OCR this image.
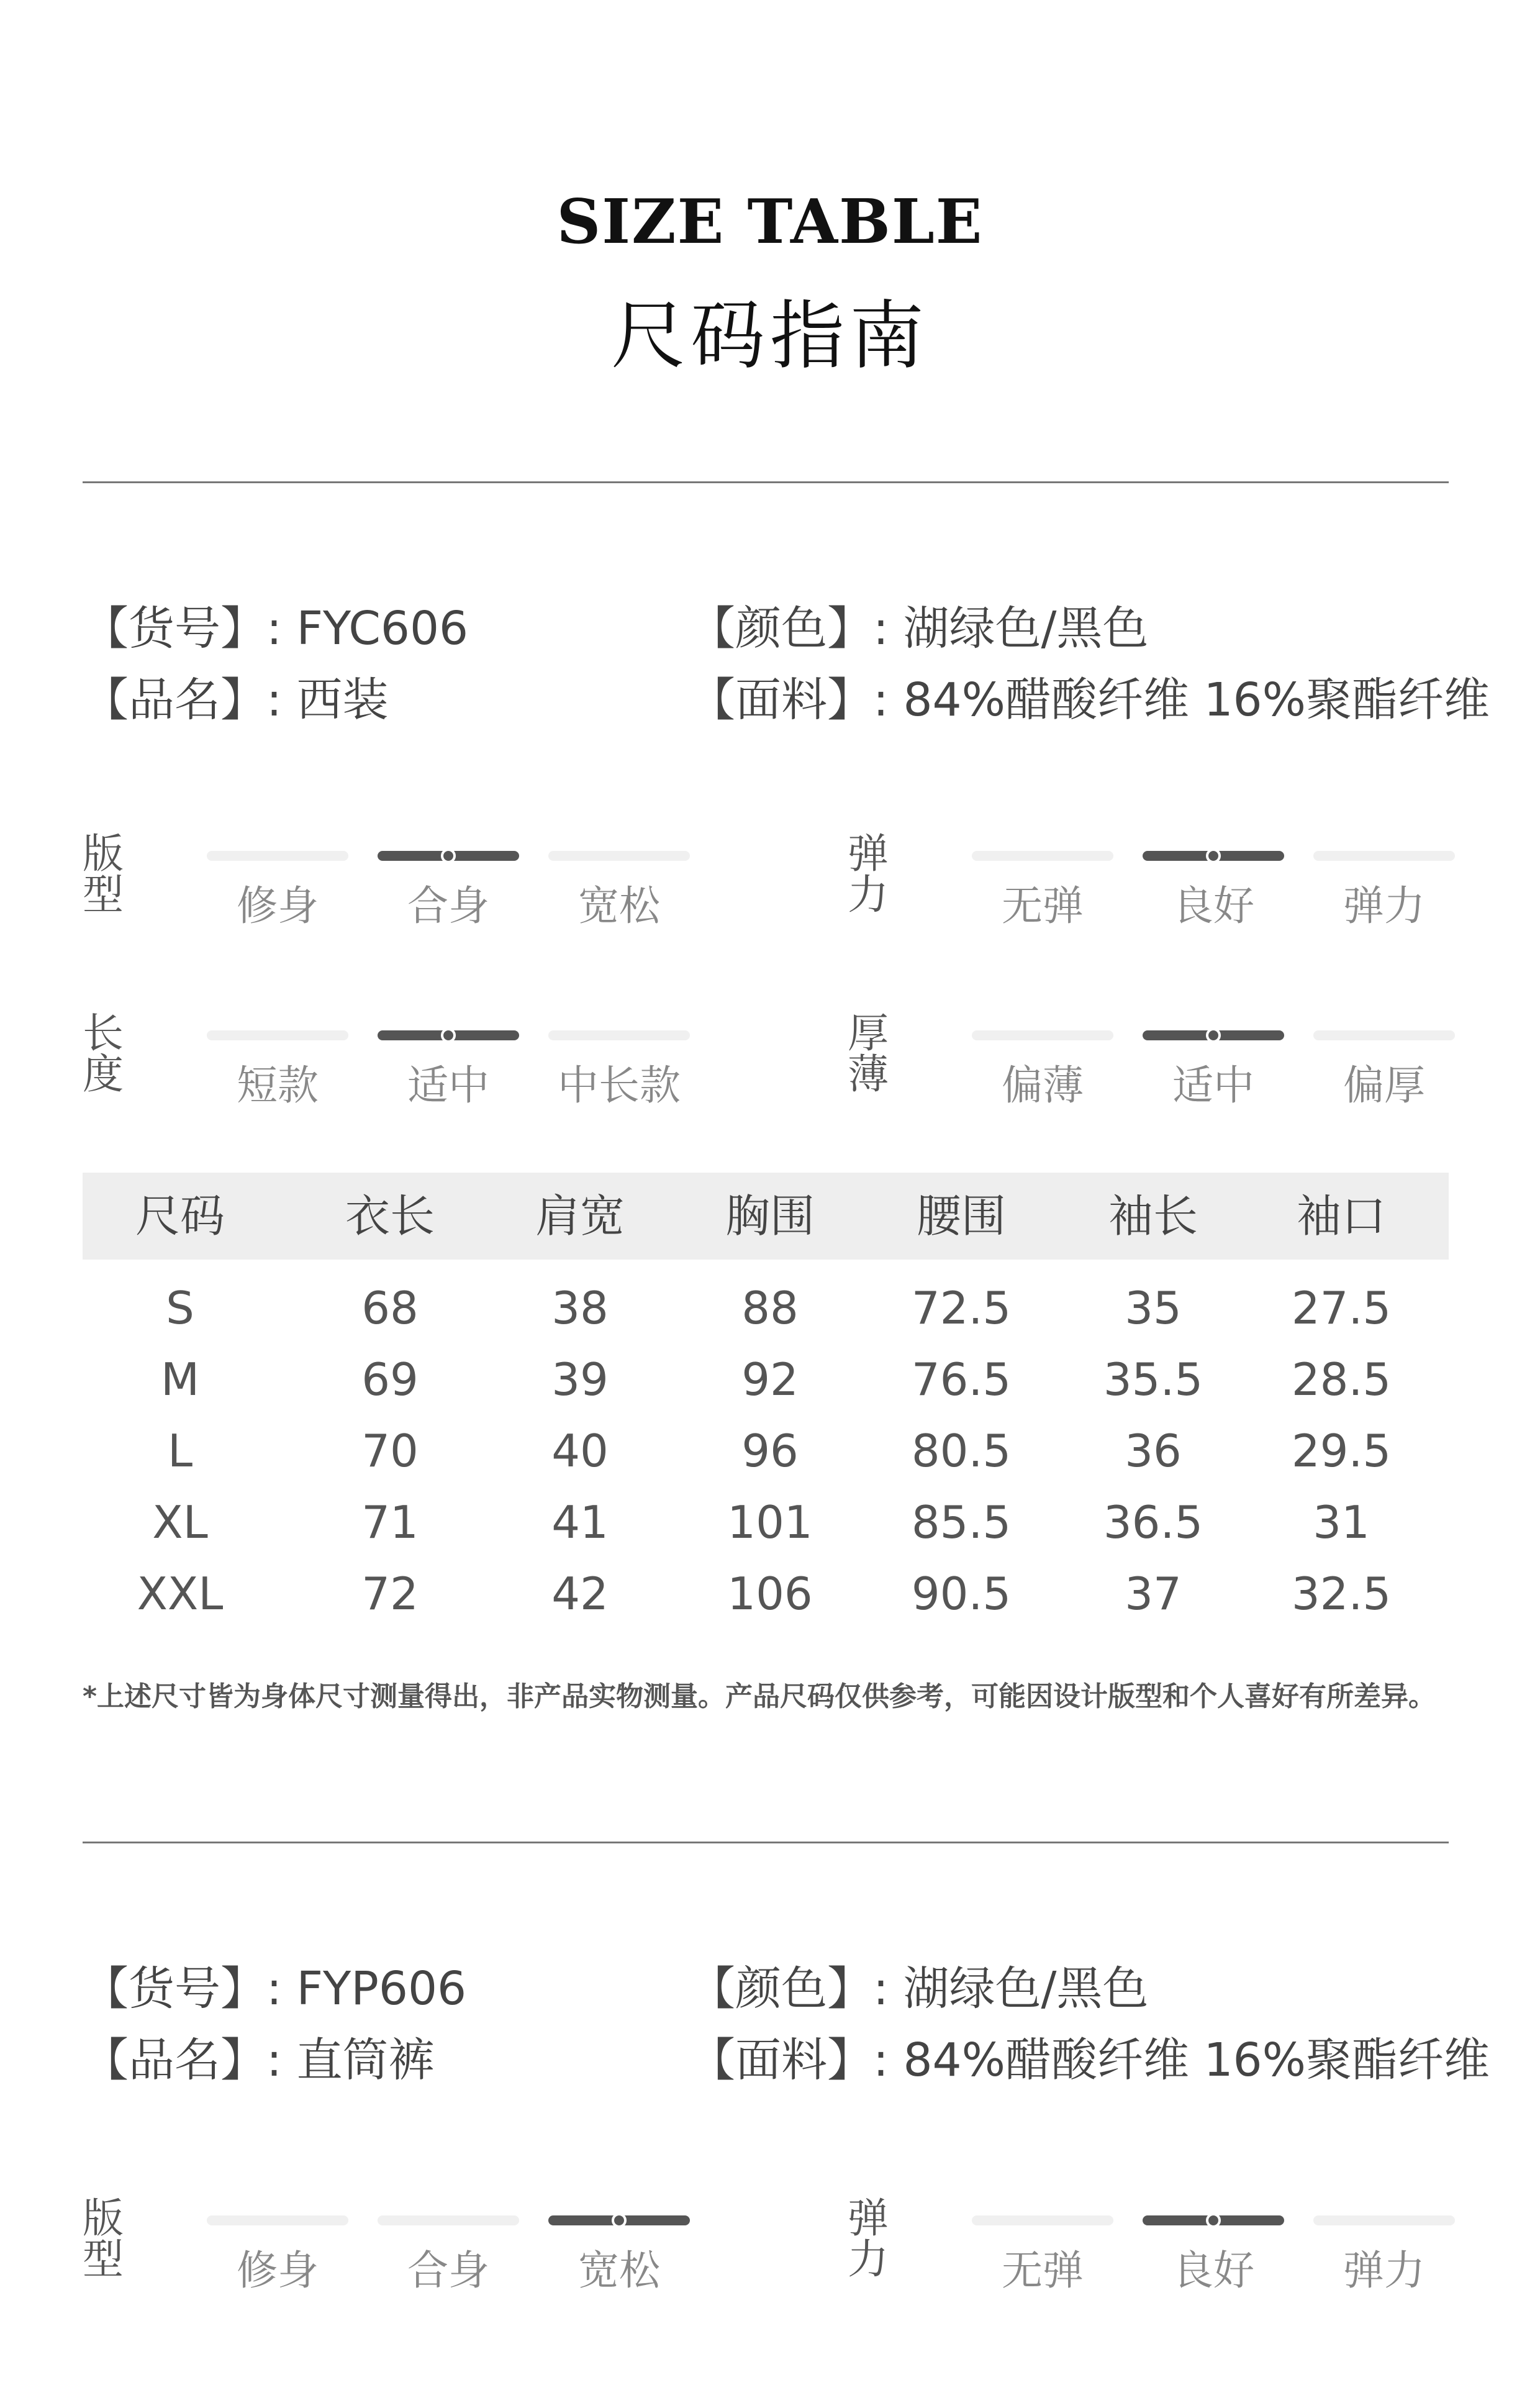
SIZE TABLE
尺码指南
【货号】: FYC606	【颜色】: 湖绿色/黑色
【品名】: 西装	【面料】: 84%醋酸纤维 16%聚酯纤维
版型	修身	合身	宽松
弹力	无弹	良好	弹力
长度	短款	适中	中长款
厚薄	偏薄	适中	偏厚
尺码	衣长	肩宽	胸围	腰围	袖长	袖口
S	68	38	88	72.5	35	27.5
M	69	39	92	76.5	35.5	28.5
L	70	40	96	80.5	36	29.5
XL	71	41	101	85.5	36.5	31
XXL	72	42	106	90.5	37	32.5
*上述尺寸皆为身体尺寸测量得出，非产品实物测量。产品尺码仅供参考，可能因设计版型和个人喜好有所差异。
【货号】: FYP606	【颜色】: 湖绿色/黑色
【品名】: 直筒裤	【面料】: 84%醋酸纤维 16%聚酯纤维
版型	修身	合身	宽松
弹力	无弹	良好	弹力
